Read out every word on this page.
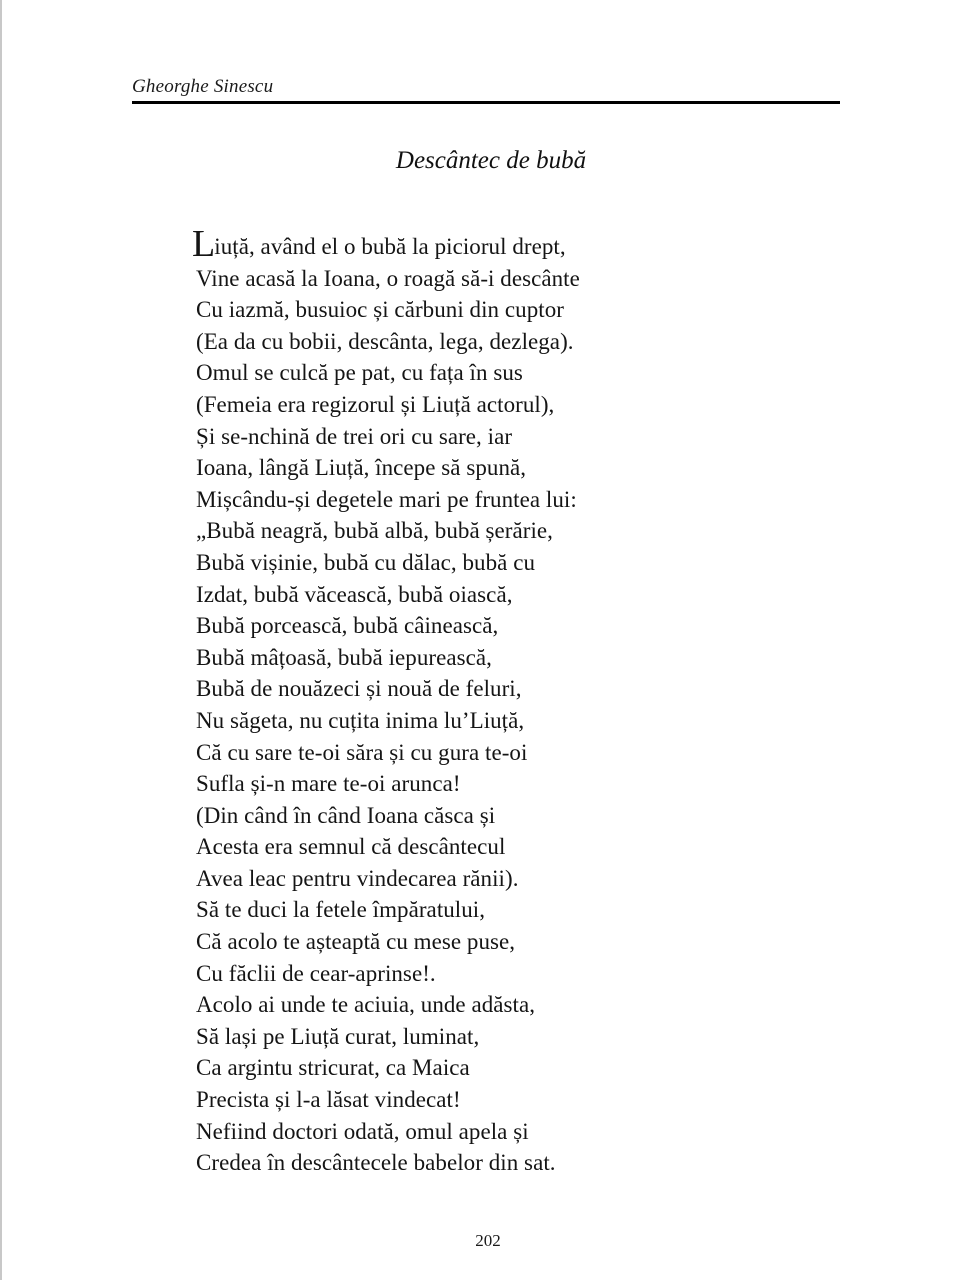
Gheorghe Sinescu
Descântec de bubă
Liuță, având el o bubă la piciorul drept,
Vine acasă la Ioana, o roagă să-i descânte
Cu iazmă, busuioc și cărbuni din cuptor
(Ea da cu bobii, descânta, lega, dezlega).
Omul se culcă pe pat, cu fața în sus
(Femeia era regizorul și Liuță actorul),
Și se-nchină de trei ori cu sare, iar
Ioana, lângă Liuță, începe să spună,
Mișcându-și degetele mari pe fruntea lui:
„Bubă neagră, bubă albă, bubă șerărie,
Bubă vișinie, bubă cu dălac, bubă cu
Izdat, bubă văcească, bubă oiască,
Bubă porcească, bubă câinească,
Bubă mâțoasă, bubă iepurească,
Bubă de nouăzeci și nouă de feluri,
Nu săgeta, nu cuțita inima lu’Liuță,
Că cu sare te-oi săra și cu gura te-oi
Sufla și-n mare te-oi arunca!
(Din când în când Ioana căsca și
Acesta era semnul că descântecul
Avea leac pentru vindecarea rănii).
Să te duci la fetele împăratului,
Că acolo te așteaptă cu mese puse,
Cu făclii de cear-aprinse!.
Acolo ai unde te aciuia, unde adăsta,
Să lași pe Liuță curat, luminat,
Ca argintu stricurat, ca Maica
Precista și l-a lăsat vindecat!
Nefiind doctori odată, omul apela și
Credea în descântecele babelor din sat.
202
